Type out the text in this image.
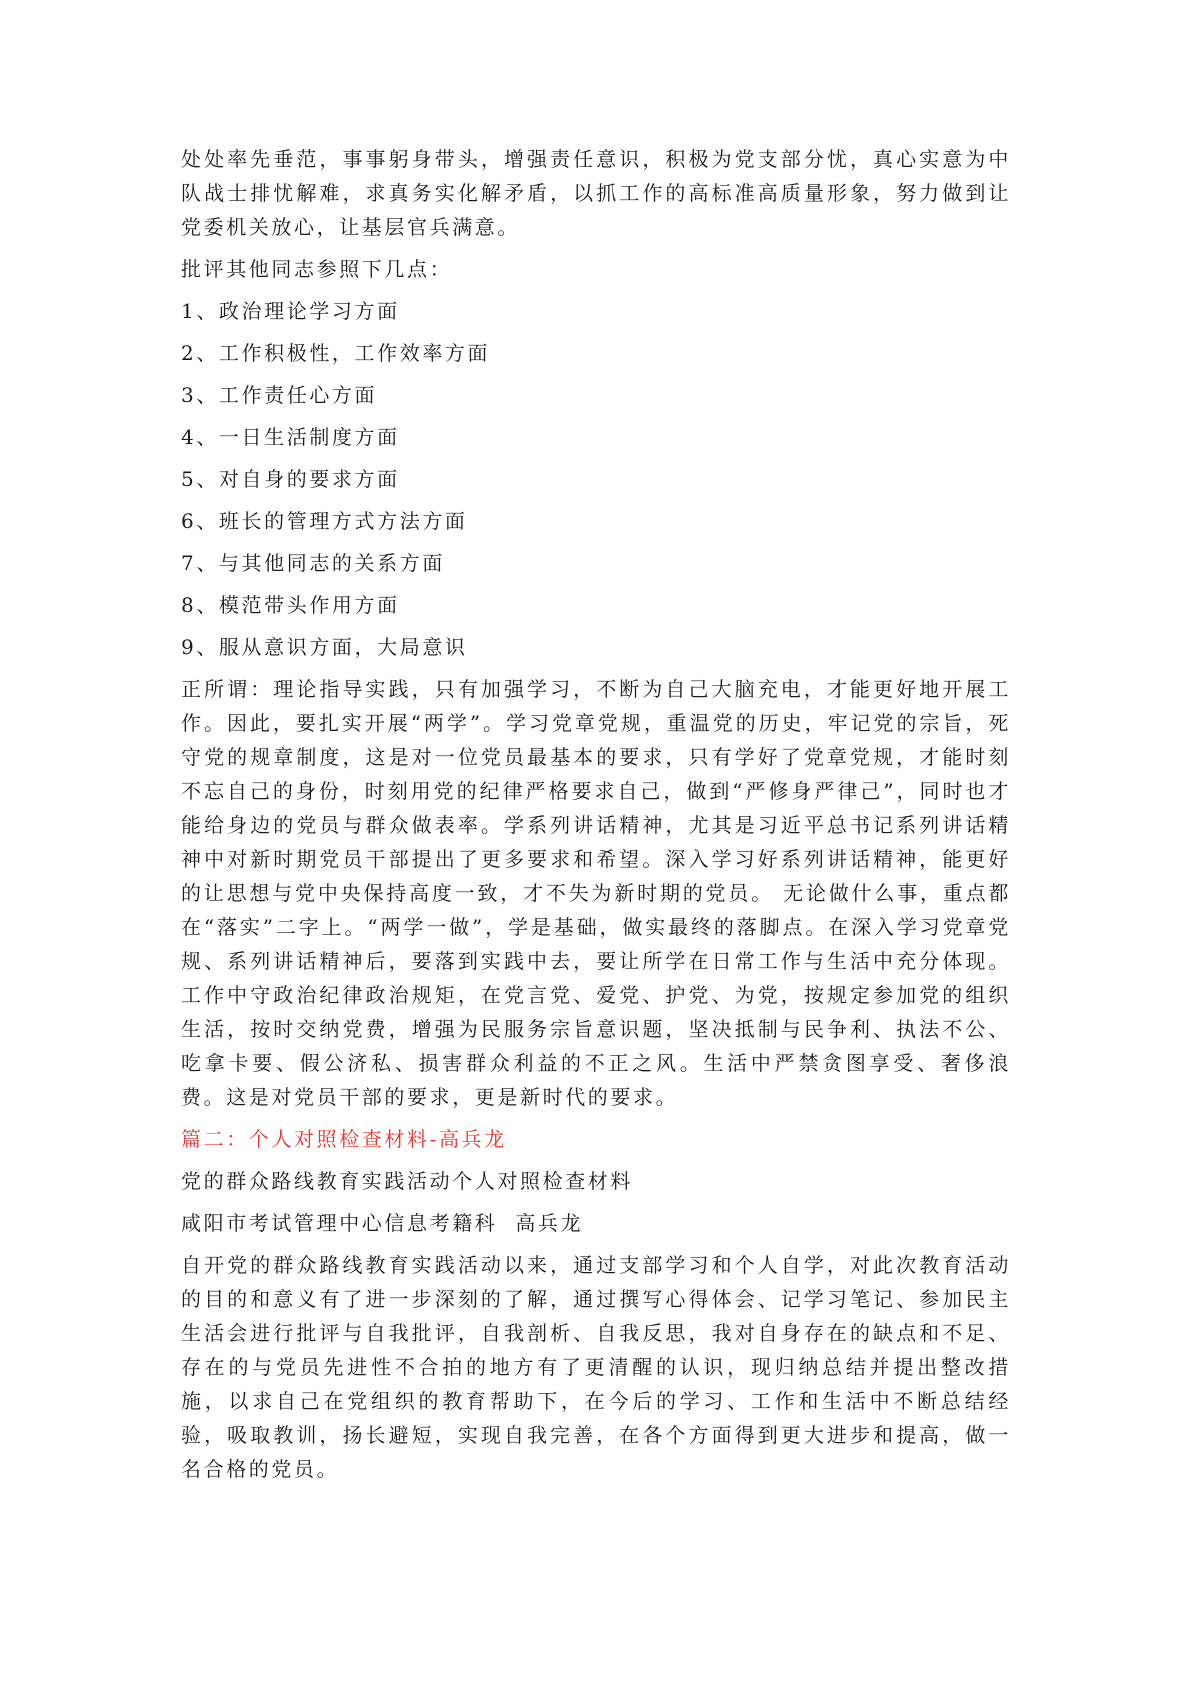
处处率先垂范，事事躬身带头，增强责任意识，积极为党支部分忧，真心实意为中队战士排忧解难，求真务实化解矛盾，以抓工作的高标准高质量形象，努力做到让党委机关放心，让基层官兵满意。

批评其他同志参照下几点：

1、政治理论学习方面

2、工作积极性，工作效率方面

3、工作责任心方面

4、一日生活制度方面

5、对自身的要求方面

6、班长的管理方式方法方面

7、与其他同志的关系方面

8、模范带头作用方面

9、服从意识方面，大局意识

正所谓：理论指导实践，只有加强学习，不断为自己大脑充电，才能更好地开展工作。因此，要扎实开展“两学”。学习党章党规，重温党的历史，牢记党的宗旨，死守党的规章制度，这是对一位党员最基本的要求，只有学好了党章党规，才能时刻不忘自己的身份，时刻用党的纪律严格要求自己，做到“严修身严律己”，同时也才能给身边的党员与群众做表率。学系列讲话精神，尤其是习近平总书记系列讲话精神中对新时期党员干部提出了更多要求和希望。深入学习好系列讲话精神，能更好的让思想与党中央保持高度一致，才不失为新时期的党员。 无论做什么事，重点都在“落实”二字上。“两学一做”，学是基础，做实最终的落脚点。在深入学习党章党规、系列讲话精神后，要落到实践中去，要让所学在日常工作与生活中充分体现。工作中守政治纪律政治规矩，在党言党、爱党、护党、为党，按规定参加党的组织生活，按时交纳党费，增强为民服务宗旨意识题，坚决抵制与民争利、执法不公、吃拿卡要、假公济私、损害群众利益的不正之风。生活中严禁贪图享受、奢侈浪费。这是对党员干部的要求，更是新时代的要求。

篇二：个人对照检查材料-高兵龙

党的群众路线教育实践活动个人对照检查材料

咸阳市考试管理中心信息考籍科  高兵龙

自开党的群众路线教育实践活动以来，通过支部学习和个人自学，对此次教育活动的目的和意义有了进一步深刻的了解，通过撰写心得体会、记学习笔记、参加民主生活会进行批评与自我批评，自我剖析、自我反思，我对自身存在的缺点和不足、存在的与党员先进性不合拍的地方有了更清醒的认识，现归纳总结并提出整改措施，以求自己在党组织的教育帮助下，在今后的学习、工作和生活中不断总结经验，吸取教训，扬长避短，实现自我完善，在各个方面得到更大进步和提高，做一名合格的党员。
